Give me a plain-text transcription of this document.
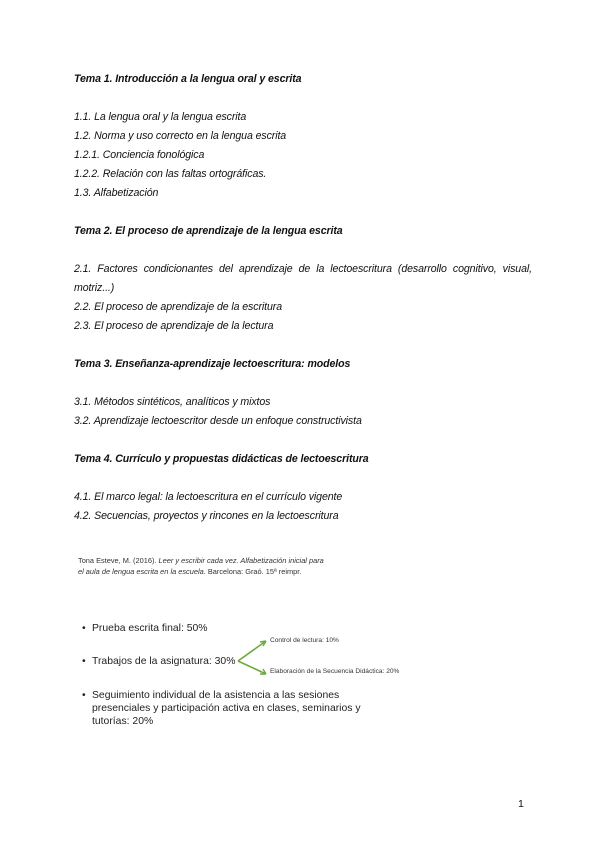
Tema 1. Introducción a la lengua oral y escrita

1.1. La lengua oral y la lengua escrita

1.2. Norma y uso correcto en la lengua escrita

1.2.1. Conciencia fonológica

1.2.2. Relación con las faltas ortográficas.

1.3. Alfabetización

Tema 2. El proceso de aprendizaje de la lengua escrita

2.1. Factores condicionantes del aprendizaje de la lectoescritura (desarrollo cognitivo, visual, motriz...)

2.2. El proceso de aprendizaje de la escritura

2.3. El proceso de aprendizaje de la lectura

Tema 3. Enseñanza-aprendizaje lectoescritura: modelos

3.1. Métodos sintéticos, analíticos y mixtos

3.2. Aprendizaje lectoescritor desde un enfoque constructivista

Tema 4. Currículo y propuestas didácticas de lectoescritura

4.1. El marco legal: la lectoescritura en el currículo vigente

4.2. Secuencias, proyectos y rincones en la lectoescritura

Tona Esteve, M. (2016). Leer y escribir cada vez. Alfabetización inicial para el aula de lengua escrita en la escuela. Barcelona: Graó. 15ª reimpr.
• Prueba escrita final: 50%
• Trabajos de la asignatura: 30%
Control de lectura: 10%
Elaboración de la Secuencia Didáctica: 20%
• Seguimiento individual de la asistencia a las sesiones
presenciales y participación activa en clases, seminarios y
tutorías: 20%
1
